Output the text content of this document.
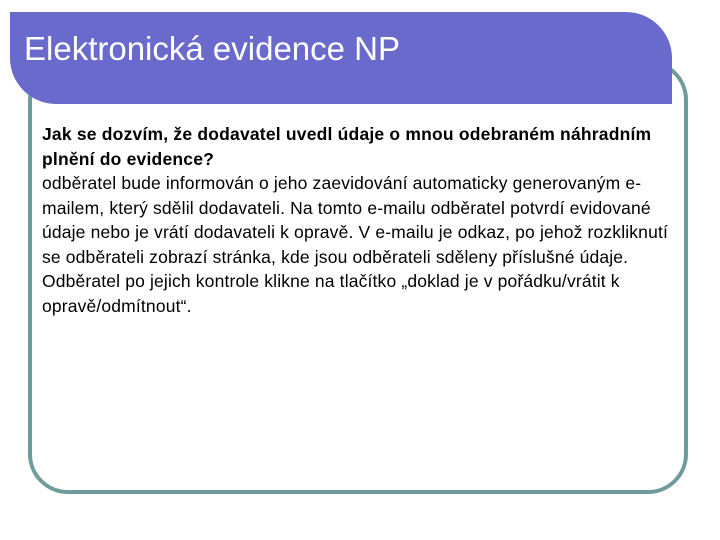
Elektronická evidence NP

Jak se dozvím, že dodavatel uvedl údaje o mnou odebraném náhradním plnění do evidence?

odběratel bude informován o jeho zaevidování automaticky generovaným e-mailem, který sdělil dodavateli. Na tomto e-mailu odběratel potvrdí evidované údaje nebo je vrátí dodavateli k opravě. V e-mailu je odkaz, po jehož rozkliknutí se odběrateli zobrazí stránka, kde jsou odběrateli sděleny příslušné údaje. Odběratel po jejich kontrole klikne na tlačítko „doklad je v pořádku/vrátit k opravě/odmítnout“.
